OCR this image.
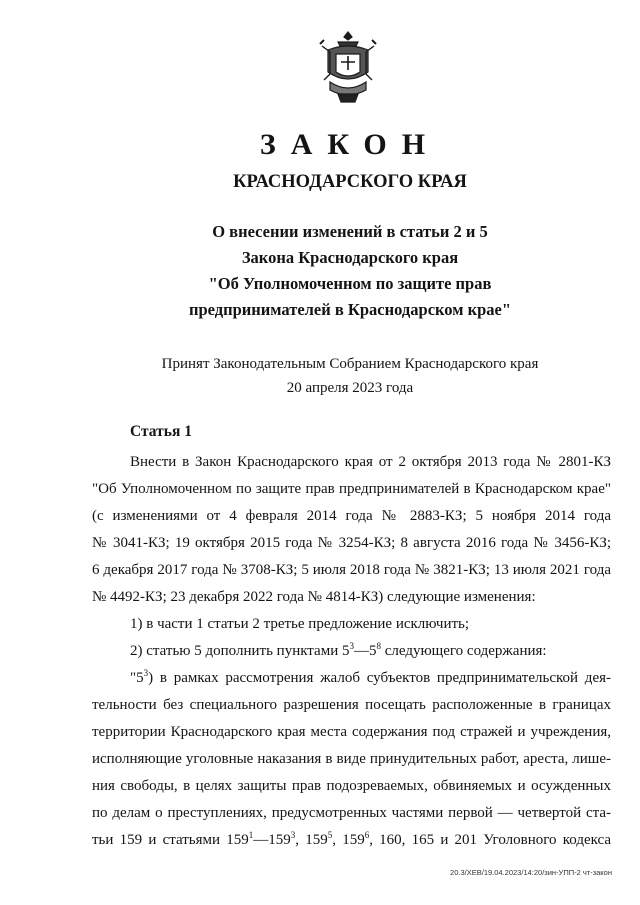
ЗАКОН
КРАСНОДАРСКОГО КРАЯ
О внесении изменений в статьи 2 и 5
Закона Краснодарского края
"Об Уполномоченном по защите прав
предпринимателей в Краснодарском крае"
Принят Законодательным Собранием Краснодарского края
20 апреля 2023 года
Статья 1
Внести в Закон Краснодарского края от 2 октября 2013 года № 2801-КЗ
"Об Уполномоченном по защите прав предпринимателей в Краснодарском крае"
(с изменениями от 4 февраля 2014 года № 2883-КЗ; 5 ноября 2014 года
№ 3041-КЗ; 19 октября 2015 года № 3254-КЗ; 8 августа 2016 года № 3456-КЗ;
6 декабря 2017 года № 3708-КЗ; 5 июля 2018 года № 3821-КЗ; 13 июля 2021 года
№ 4492-КЗ; 23 декабря 2022 года № 4814-КЗ) следующие изменения:
1) в части 1 статьи 2 третье предложение исключить;
2) статью 5 дополнить пунктами $5^3—5^8$ следующего содержания:
"$5^3$) в рамках рассмотрения жалоб субъектов предпринимательской дея-
тельности без специального разрешения посещать расположенные в границах
территории Краснодарского края места содержания под стражей и учреждения,
исполняющие уголовные наказания в виде принудительных работ, ареста, лише-
ния свободы, в целях защиты прав подозреваемых, обвиняемых и осужденных
по делам о преступлениях, предусмотренных частями первой — четвертой ста-
тьи 159 и статьями $159^1—159^3$, $159^5$, $159^6$, 160, 165 и 201 Уголовного кодекса
20.3/ХЕВ/19.04.2023/14:20/зин-УПП-2 чт-закон
